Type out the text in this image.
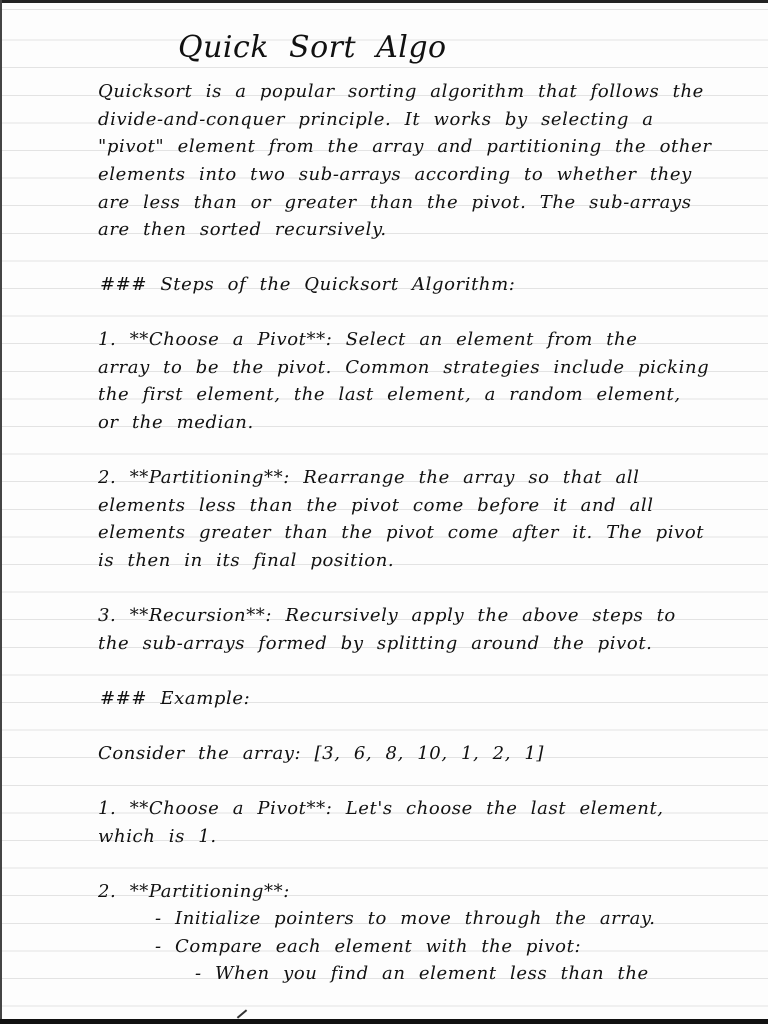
Quick Sort Algo
Quicksort is a popular sorting algorithm that follows the
divide-and-conquer principle. It works by selecting a
"pivot" element from the array and partitioning the other
elements into two sub-arrays according to whether they
are less than or greater than the pivot. The sub-arrays
are then sorted recursively.
### Steps of the Quicksort Algorithm:
1. **Choose a Pivot**: Select an element from the
array to be the pivot. Common strategies include picking
the first element, the last element, a random element,
or the median.
2. **Partitioning**: Rearrange the array so that all
elements less than the pivot come before it and all
elements greater than the pivot come after it. The pivot
is then in its final position.
3. **Recursion**: Recursively apply the above steps to
the sub-arrays formed by splitting around the pivot.
### Example:
Consider the array: [3, 6, 8, 10, 1, 2, 1]
1. **Choose a Pivot**: Let's choose the last element,
which is 1.
2. **Partitioning**:
- Initialize pointers to move through the array.
- Compare each element with the pivot:
- When you find an element less than the
